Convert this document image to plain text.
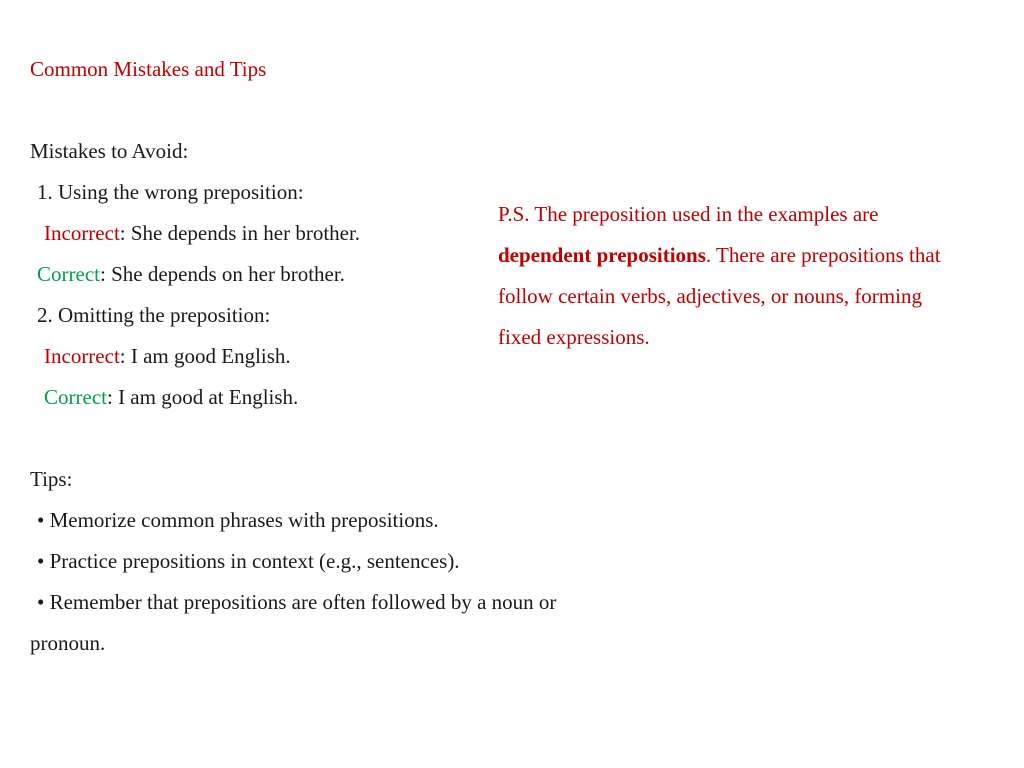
Common Mistakes and Tips
Mistakes to Avoid:
1. Using the wrong preposition:
Incorrect: She depends in her brother.
Correct: She depends on her brother.
2. Omitting the preposition:
Incorrect: I am good English.
Correct: I am good at English.
Tips:
• Memorize common phrases with prepositions.
• Practice prepositions in context (e.g., sentences).
• Remember that prepositions are often followed by a noun or
pronoun.
P.S. The preposition used in the examples are dependent prepositions. There are prepositions that follow certain verbs, adjectives, or nouns, forming fixed expressions.
